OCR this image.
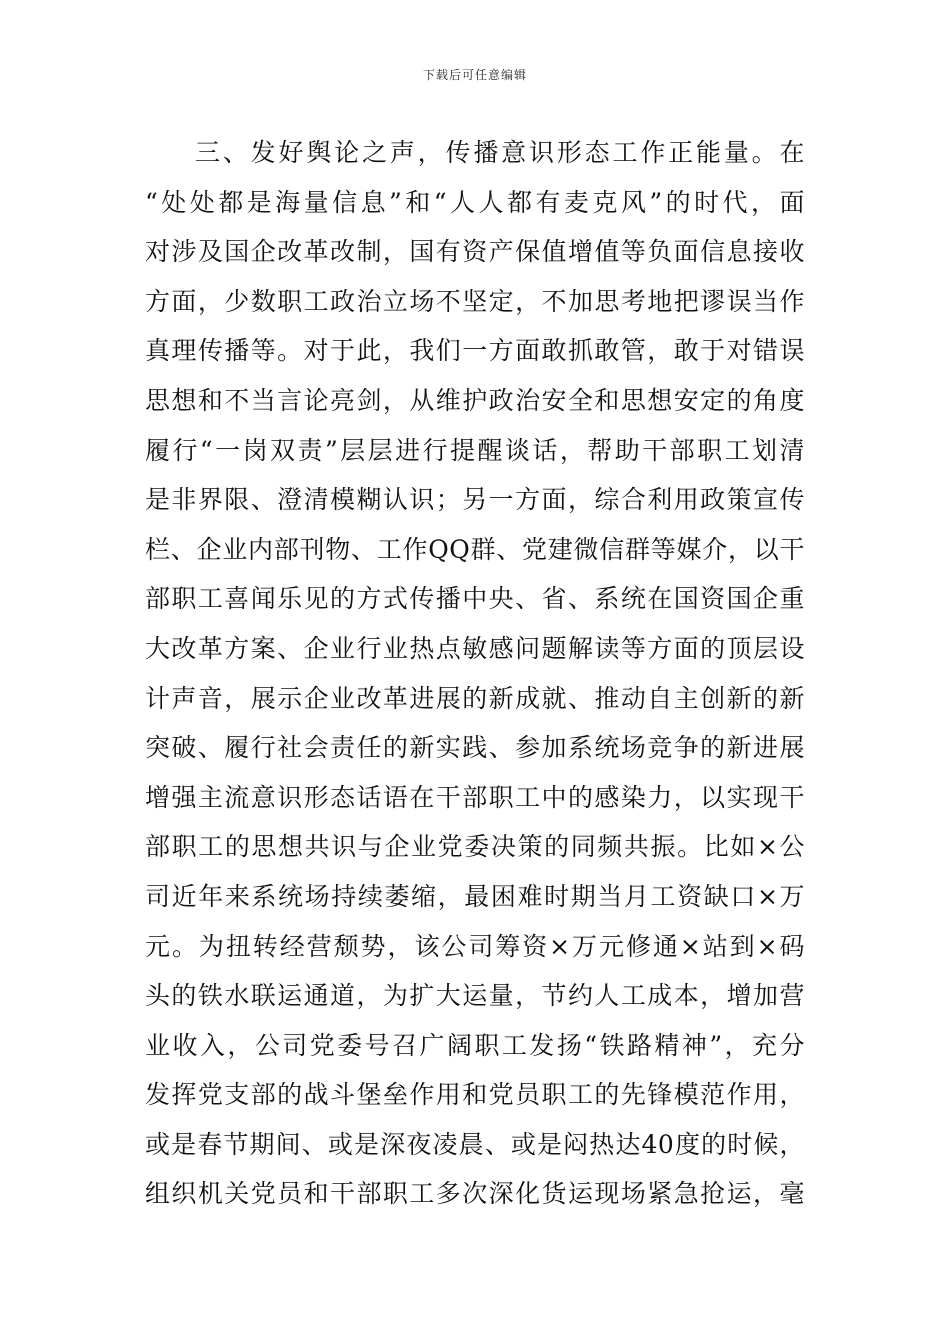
下载后可任意编辑
三、发好舆论之声，传播意识形态工作正能量。在
“处处都是海量信息”和“人人都有麦克风”的时代，面
对涉及国企改革改制，国有资产保值增值等负面信息接收
方面，少数职工政治立场不坚定，不加思考地把谬误当作
真理传播等。对于此，我们一方面敢抓敢管，敢于对错误
思想和不当言论亮剑，从维护政治安全和思想安定的角度
履行“一岗双责”层层进行提醒谈话，帮助干部职工划清
是非界限、澄清模糊认识；另一方面，综合利用政策宣传
栏、企业内部刊物、工作QQ群、党建微信群等媒介，以干
部职工喜闻乐见的方式传播中央、省、系统在国资国企重
大改革方案、企业行业热点敏感问题解读等方面的顶层设
计声音，展示企业改革进展的新成就、推动自主创新的新
突破、履行社会责任的新实践、参加系统场竞争的新进展
增强主流意识形态话语在干部职工中的感染力，以实现干
部职工的思想共识与企业党委决策的同频共振。比如×公
司近年来系统场持续萎缩，最困难时期当月工资缺口×万
元。为扭转经营颓势，该公司筹资×万元修通×站到×码
头的铁水联运通道，为扩大运量，节约人工成本，增加营
业收入，公司党委号召广阔职工发扬“铁路精神”，充分
发挥党支部的战斗堡垒作用和党员职工的先锋模范作用，
或是春节期间、或是深夜凌晨、或是闷热达40度的时候，
组织机关党员和干部职工多次深化货运现场紧急抢运，毫
